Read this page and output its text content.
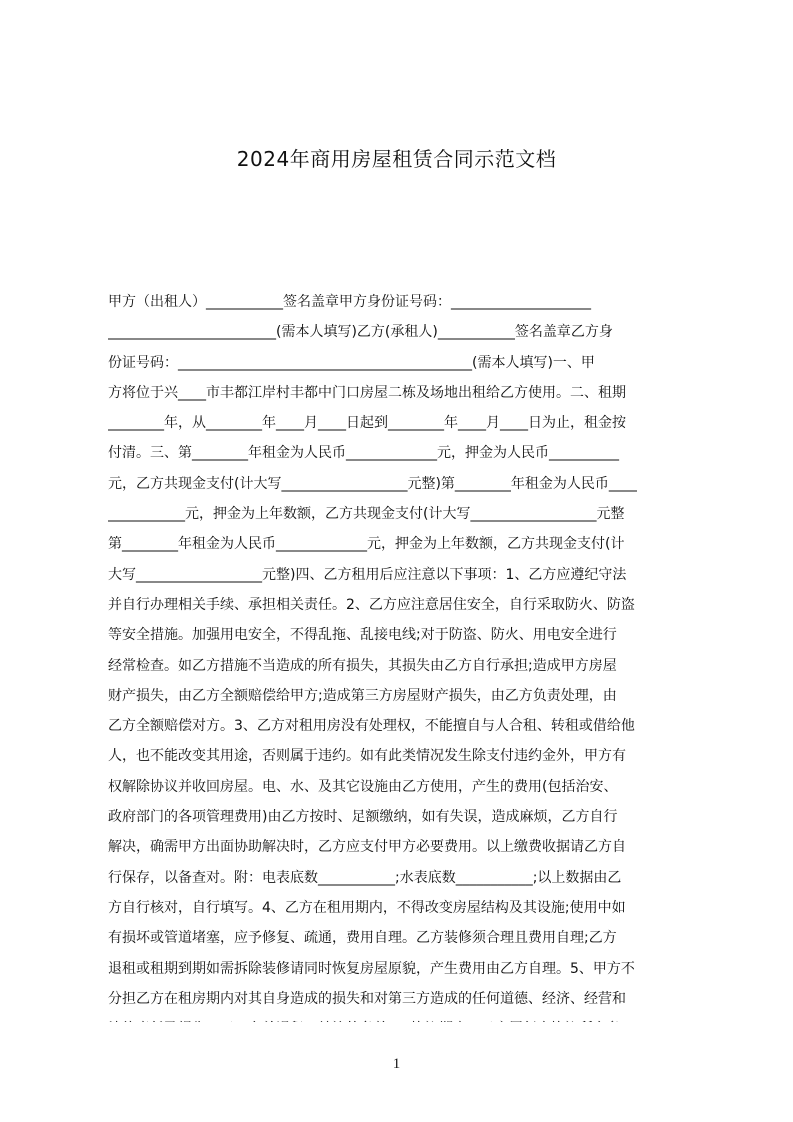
2024年商用房屋租赁合同示范文档
甲方（出租人）___________签名盖章甲方身份证号码：____________________
________________________(需本人填写)乙方(承租人)___________签名盖章乙方身
份证号码：__________________________________________(需本人填写)一、甲
方将位于兴____市丰都江岸村丰都中门口房屋二栋及场地出租给乙方使用。二、租期
________年，从________年____月____日起到________年____月____日为止，租金按
付清。三、第________年租金为人民币_____________元，押金为人民币__________
元，乙方共现金支付(计大写__________________元整)第________年租金为人民币____
___________元，押金为上年数额，乙方共现金支付(计大写__________________元整
第________年租金为人民币_____________元，押金为上年数额，乙方共现金支付(计
大写__________________元整)四、乙方租用后应注意以下事项：1、乙方应遵纪守法
并自行办理相关手续、承担相关责任。2、乙方应注意居住安全，自行采取防火、防盗
等安全措施。加强用电安全，不得乱拖、乱接电线;对于防盗、防火、用电安全进行
经常检查。如乙方措施不当造成的所有损失，其损失由乙方自行承担;造成甲方房屋
财产损失，由乙方全额赔偿给甲方;造成第三方房屋财产损失，由乙方负责处理，由
乙方全额赔偿对方。3、乙方对租用房没有处理权，不能擅自与人合租、转租或借给他
人，也不能改变其用途，否则属于违约。如有此类情况发生除支付违约金外，甲方有
权解除协议并收回房屋。电、水、及其它设施由乙方使用，产生的费用(包括治安、
政府部门的各项管理费用)由乙方按时、足额缴纳，如有失误，造成麻烦，乙方自行
解决，确需甲方出面协助解决时，乙方应支付甲方必要费用。以上缴费收据请乙方自
行保存，以备查对。附：电表底数___________;水表底数___________;以上数据由乙
方自行核对，自行填写。4、乙方在租用期内，不得改变房屋结构及其设施;使用中如
有损坏或管道堵塞，应予修复、疏通，费用自理。乙方装修须合理且费用自理;乙方
退租或租期到期如需拆除装修请同时恢复房屋原貌，产生费用由乙方自理。5、甲方不
分担乙方在租房期内对其自身造成的损失和对第三方造成的任何道德、经济、经营和
1
